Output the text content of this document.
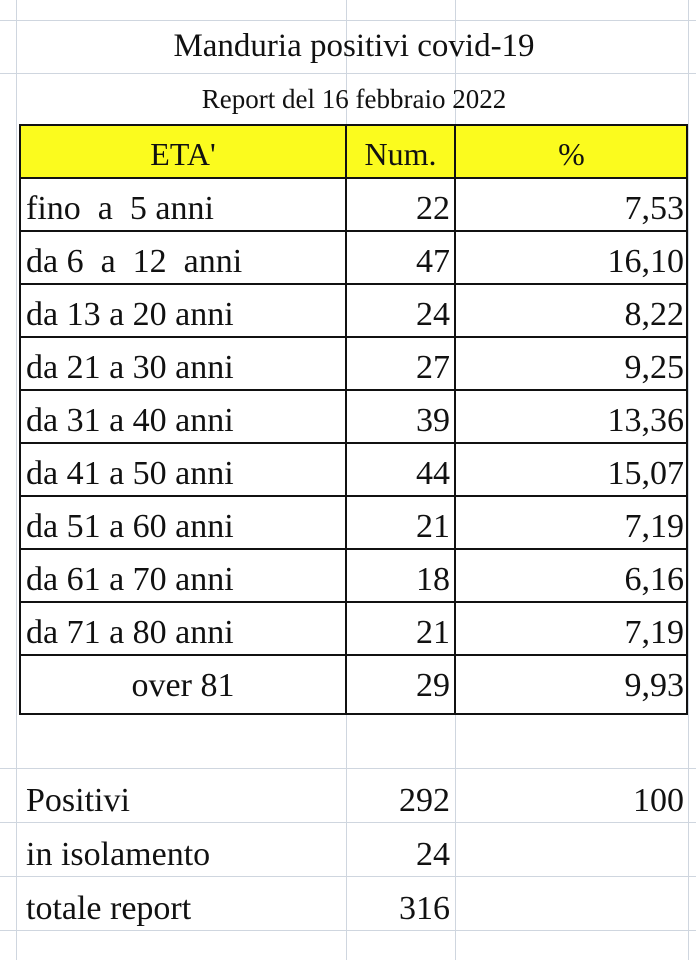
Manduria positivi covid-19
Report del 16 febbraio 2022
ETA'	Num.	%
fino  a  5 anni	22	7,53
da 6  a  12  anni	47	16,10
da 13 a 20 anni	24	8,22
da 21 a 30 anni	27	9,25
da 31 a 40 anni	39	13,36
da 41 a 50 anni	44	15,07
da 51 a 60 anni	21	7,19
da 61 a 70 anni	18	6,16
da 71 a 80 anni	21	7,19
over 81	29	9,93
Positivi	292	100
in isolamento	24
totale report	316
